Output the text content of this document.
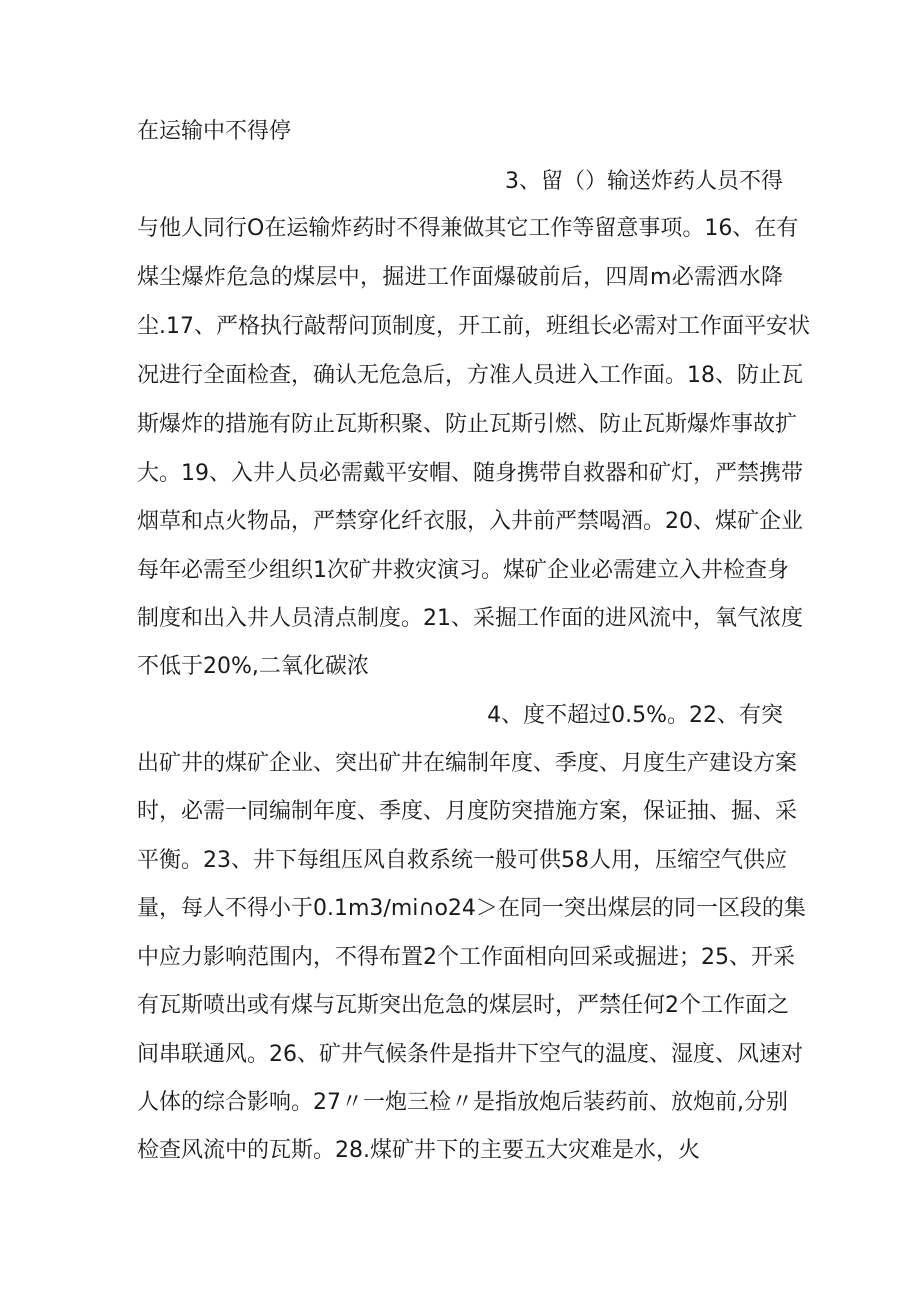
在运输中不得停
3、留（）输送炸药人员不得
与他人同行O在运输炸药时不得兼做其它工作等留意事项。16、在有
煤尘爆炸危急的煤层中，掘进工作面爆破前后，四周m必需洒水降
尘.17、严格执行敲帮问顶制度，开工前，班组长必需对工作面平安状
况进行全面检查，确认无危急后，方准人员进入工作面。18、防止瓦
斯爆炸的措施有防止瓦斯积聚、防止瓦斯引燃、防止瓦斯爆炸事故扩
大。19、入井人员必需戴平安帽、随身携带自救器和矿灯，严禁携带
烟草和点火物品，严禁穿化纤衣服，入井前严禁喝酒。20、煤矿企业
每年必需至少组织1次矿井救灾演习。煤矿企业必需建立入井检查身
制度和出入井人员清点制度。21、采掘工作面的进风流中，氧气浓度
不低于20%,二氧化碳浓
4、度不超过0.5%。22、有突
出矿井的煤矿企业、突出矿井在编制年度、季度、月度生产建设方案
时，必需一同编制年度、季度、月度防突措施方案，保证抽、掘、采
平衡。23、井下每组压风自救系统一般可供58人用，压缩空气供应
量，每人不得小于0.1m3∕mi∩o24＞在同一突出煤层的同一区段的集
中应力影响范围内，不得布置2个工作面相向回采或掘进；25、开采
有瓦斯喷出或有煤与瓦斯突出危急的煤层时，严禁任何2个工作面之
间串联通风。26、矿井气候条件是指井下空气的温度、湿度、风速对
人体的综合影响。27〃一炮三检〃是指放炮后装药前、放炮前,分别
检查风流中的瓦斯。28.煤矿井下的主要五大灾难是水，火
